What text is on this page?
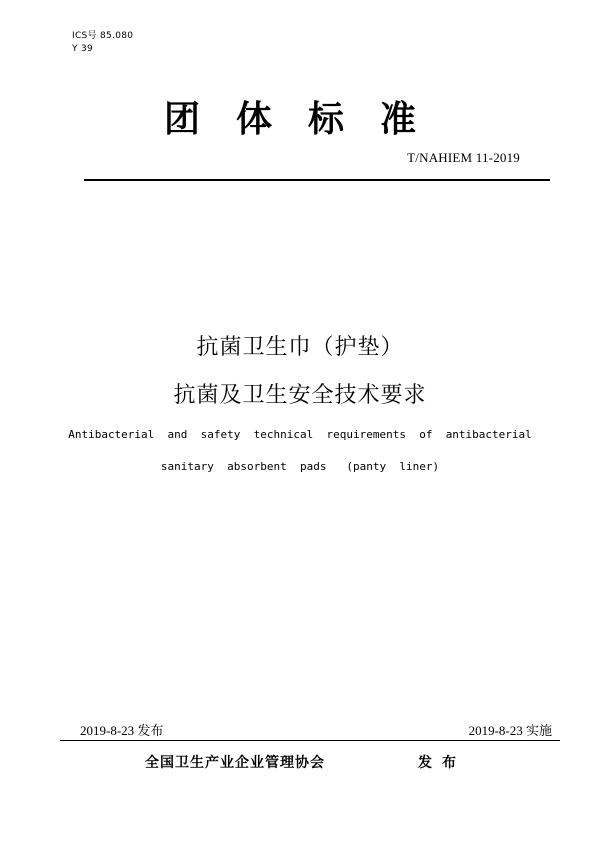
ICS号 85.080
Y 39
团体标准
T/NAHIEM 11-2019
抗菌卫生巾（护垫）
抗菌及卫生安全技术要求
Antibacterial  and  safety  technical  requirements  of  antibacterial
sanitary  absorbent  pads   (panty  liner)
2019-8-23 发布	2019-8-23 实施
全国卫生产业企业管理协会	发布
